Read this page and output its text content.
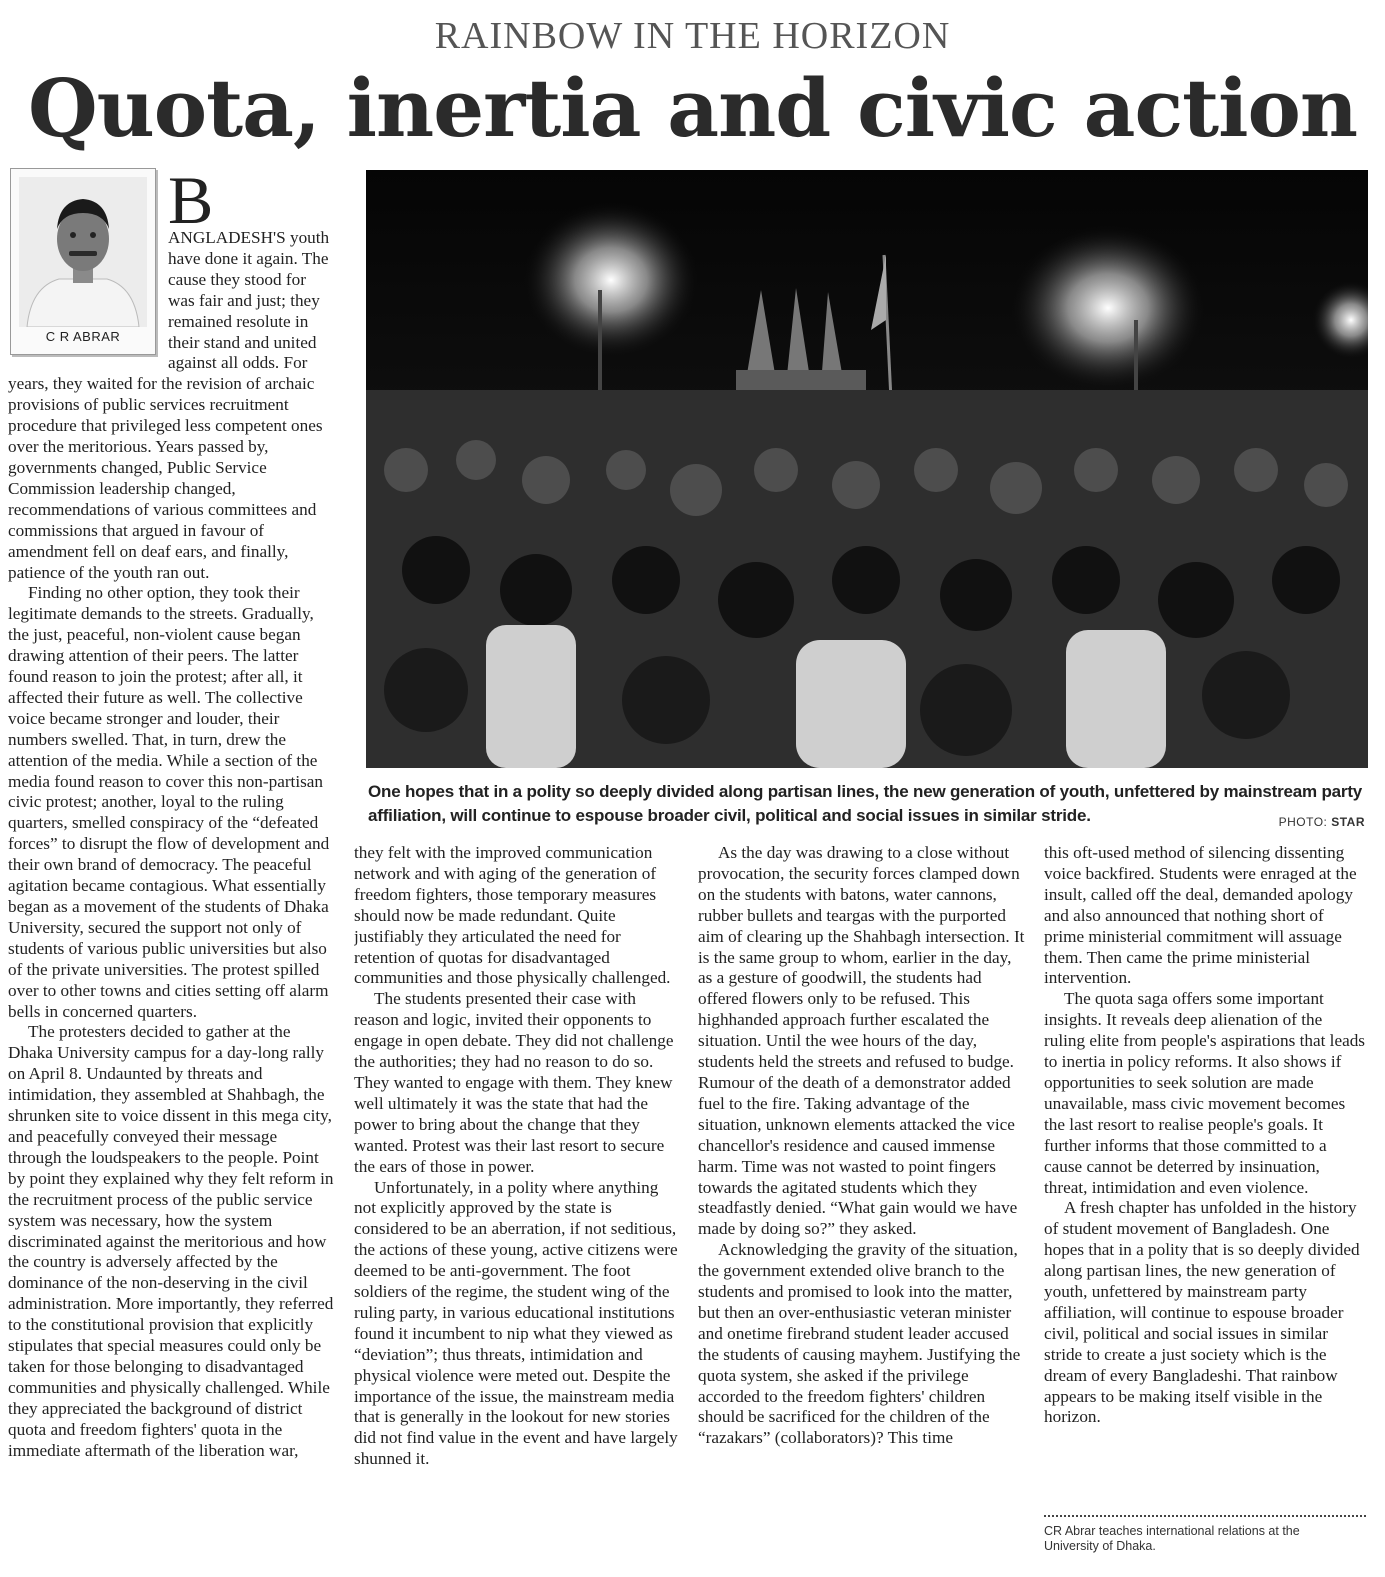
RAINBOW IN THE HORIZON
Quota, inertia and civic action
C R ABRAR
B

ANGLADESH'S youth have done it again. The cause they stood for was fair and just; they remained resolute in their stand and united against all odds. For years, they waited for the revision of archaic provisions of public services recruitment procedure that privileged less competent ones over the meritorious. Years passed by, governments changed, Public Service Commission leadership changed, recommendations of various committees and commissions that argued in favour of amendment fell on deaf ears, and finally, patience of the youth ran out.

Finding no other option, they took their legitimate demands to the streets. Gradually, the just, peaceful, non-violent cause began drawing attention of their peers. The latter found reason to join the protest; after all, it affected their future as well. The collective voice became stronger and louder, their numbers swelled. That, in turn, drew the attention of the media. While a section of the media found reason to cover this non-partisan civic protest; another, loyal to the ruling quarters, smelled conspiracy of the “defeated forces” to disrupt the flow of development and their own brand of democracy. The peaceful agitation became contagious. What essentially began as a movement of the students of Dhaka University, secured the support not only of students of various public universities but also of the private universities. The protest spilled over to other towns and cities setting off alarm bells in concerned quarters.

The protesters decided to gather at the Dhaka University campus for a day-long rally on April 8. Undaunted by threats and intimidation, they assembled at Shahbagh, the shrunken site to voice dissent in this mega city, and peacefully conveyed their message through the loudspeakers to the people. Point by point they explained why they felt reform in the recruitment process of the public service system was necessary, how the system discriminated against the meritorious and how the country is adversely affected by the dominance of the non-deserving in the civil administration. More importantly, they referred to the constitutional provision that explicitly stipulates that special measures could only be taken for those belonging to disadvantaged communities and physically challenged. While they appreciated the background of district quota and freedom fighters' quota in the immediate aftermath of the liberation war,

One hopes that in a polity so deeply divided along partisan lines, the new generation of youth, unfettered by mainstream party affiliation, will continue to espouse broader civil, political and social issues in similar stride.	PHOTO: STAR

they felt with the improved communication network and with aging of the generation of freedom fighters, those temporary measures should now be made redundant. Quite justifiably they articulated the need for retention of quotas for disadvantaged communities and those physically challenged.

The students presented their case with reason and logic, invited their opponents to engage in open debate. They did not challenge the authorities; they had no reason to do so. They wanted to engage with them. They knew well ultimately it was the state that had the power to bring about the change that they wanted. Protest was their last resort to secure the ears of those in power.

Unfortunately, in a polity where anything not explicitly approved by the state is considered to be an aberration, if not seditious, the actions of these young, active citizens were deemed to be anti-government. The foot soldiers of the regime, the student wing of the ruling party, in various educational institutions found it incumbent to nip what they viewed as “deviation”; thus threats, intimidation and physical violence were meted out. Despite the importance of the issue, the mainstream media that is generally in the lookout for new stories did not find value in the event and have largely shunned it.

As the day was drawing to a close without provocation, the security forces clamped down on the students with batons, water cannons, rubber bullets and teargas with the purported aim of clearing up the Shahbagh intersection. It is the same group to whom, earlier in the day, as a gesture of goodwill, the students had offered flowers only to be refused. This highhanded approach further escalated the situation. Until the wee hours of the day, students held the streets and refused to budge. Rumour of the death of a demonstrator added fuel to the fire. Taking advantage of the situation, unknown elements attacked the vice chancellor's residence and caused immense harm. Time was not wasted to point fingers towards the agitated students which they steadfastly denied. “What gain would we have made by doing so?” they asked.

Acknowledging the gravity of the situation, the government extended olive branch to the students and promised to look into the matter, but then an over-enthusiastic veteran minister and onetime firebrand student leader accused the students of causing mayhem. Justifying the quota system, she asked if the privilege accorded to the freedom fighters' children should be sacrificed for the children of the “razakars” (collaborators)? This time

this oft-used method of silencing dissenting voice backfired. Students were enraged at the insult, called off the deal, demanded apology and also announced that nothing short of prime ministerial commitment will assuage them. Then came the prime ministerial intervention.

The quota saga offers some important insights. It reveals deep alienation of the ruling elite from people's aspirations that leads to inertia in policy reforms. It also shows if opportunities to seek solution are made unavailable, mass civic movement becomes the last resort to realise people's goals. It further informs that those committed to a cause cannot be deterred by insinuation, threat, intimidation and even violence.

A fresh chapter has unfolded in the history of student movement of Bangladesh. One hopes that in a polity that is so deeply divided along partisan lines, the new generation of youth, unfettered by mainstream party affiliation, will continue to espouse broader civil, political and social issues in similar stride to create a just society which is the dream of every Bangladeshi. That rainbow appears to be making itself visible in the horizon.

CR Abrar teaches international relations at the University of Dhaka.
